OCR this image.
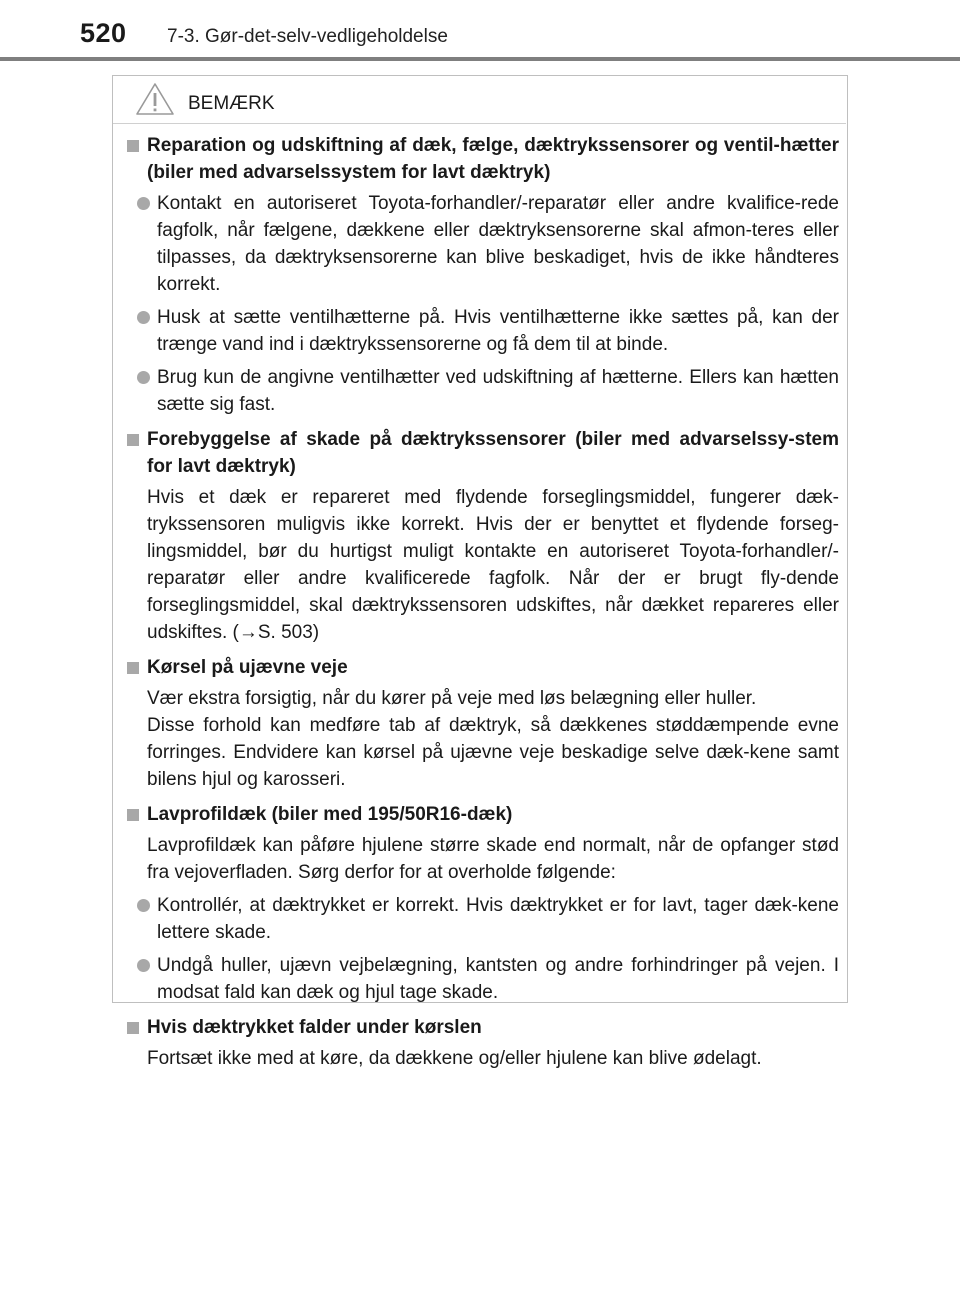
520 7-3. Gør-det-selv-vedligeholdelse
BEMÆRK
Reparation og udskiftning af dæk, fælge, dæktrykssensorer og ventil-hætter (biler med advarselssystem for lavt dæktryk)
Kontakt en autoriseret Toyota-forhandler/-reparatør eller andre kvalifice-rede fagfolk, når fælgene, dækkene eller dæktryksensorerne skal afmon-teres eller tilpasses, da dæktryksensorerne kan blive beskadiget, hvis de ikke håndteres korrekt.
Husk at sætte ventilhætterne på. Hvis ventilhætterne ikke sættes på, kan der trænge vand ind i dæktrykssensorerne og få dem til at binde.
Brug kun de angivne ventilhætter ved udskiftning af hætterne. Ellers kan hætten sætte sig fast.
Forebyggelse af skade på dæktrykssensorer (biler med advarselssy-stem for lavt dæktryk)
Hvis et dæk er repareret med flydende forseglingsmiddel, fungerer dæk-trykssensoren muligvis ikke korrekt. Hvis der er benyttet et flydende forseg-lingsmiddel, bør du hurtigst muligt kontakte en autoriseret Toyota-forhandler/-reparatør eller andre kvalificerede fagfolk. Når der er brugt fly-dende forseglingsmiddel, skal dæktrykssensoren udskiftes, når dækket repareres eller udskiftes. (→S. 503)
Kørsel på ujævne veje
Vær ekstra forsigtig, når du kører på veje med løs belægning eller huller.
Disse forhold kan medføre tab af dæktryk, så dækkenes støddæmpende evne forringes. Endvidere kan kørsel på ujævne veje beskadige selve dæk-kene samt bilens hjul og karosseri.
Lavprofildæk (biler med 195/50R16-dæk)
Lavprofildæk kan påføre hjulene større skade end normalt, når de opfanger stød fra vejoverfladen. Sørg derfor for at overholde følgende:
Kontrollér, at dæktrykket er korrekt. Hvis dæktrykket er for lavt, tager dæk-kene lettere skade.
Undgå huller, ujævn vejbelægning, kantsten og andre forhindringer på vejen. I modsat fald kan dæk og hjul tage skade.
Hvis dæktrykket falder under kørslen
Fortsæt ikke med at køre, da dækkene og/eller hjulene kan blive ødelagt.
